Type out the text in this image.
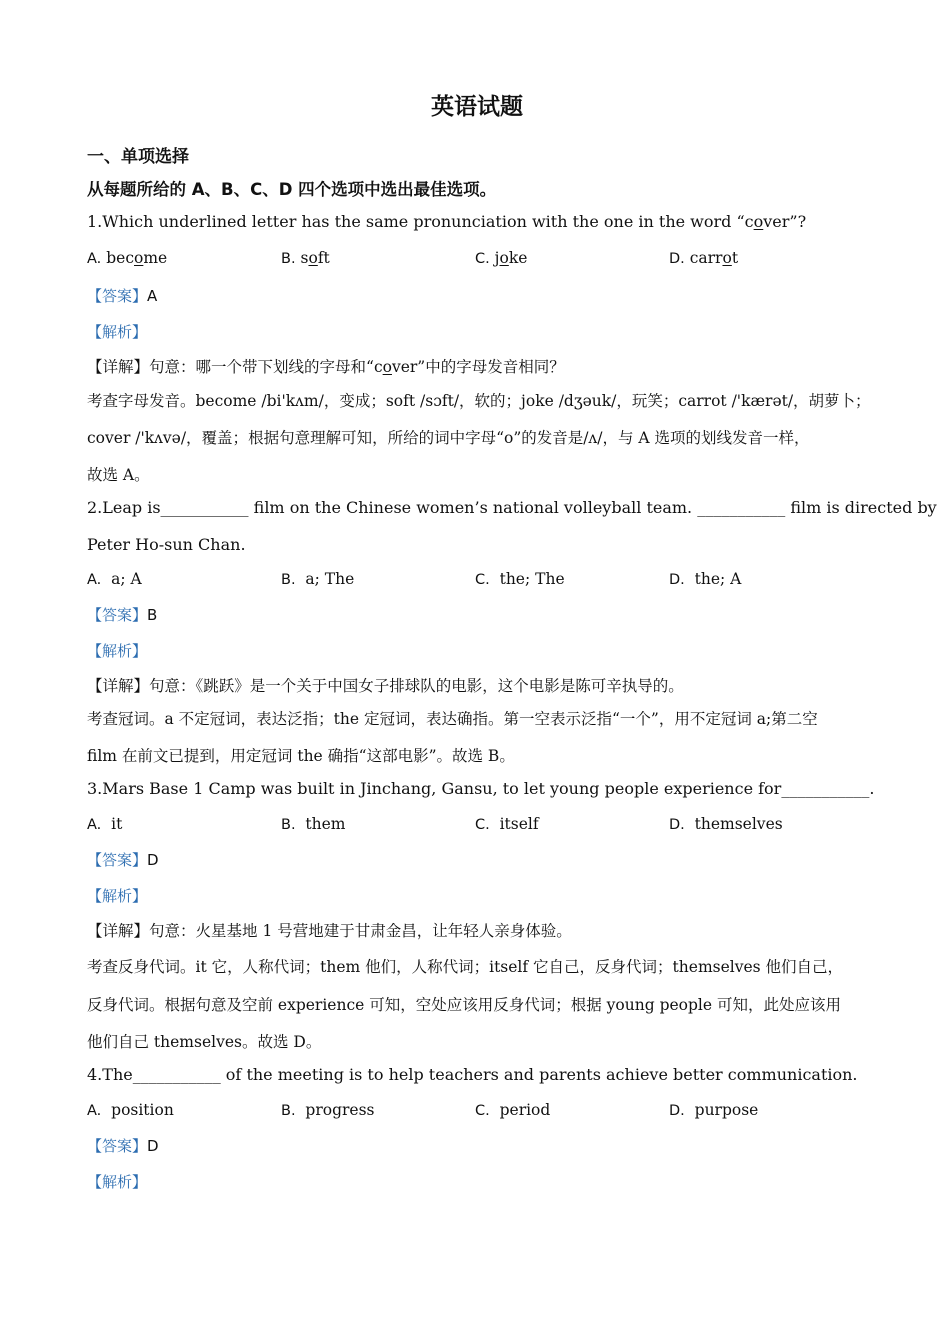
英语试题
一、单项选择
从每题所给的 A、B、C、D 四个选项中选出最佳选项。
1.Which underlined letter has the same pronunciation with the one in the word “cover”?
A. become	B. soft	C. joke	D. carrot
【答案】A
【解析】
【详解】句意：哪一个带下划线的字母和“cover”中的字母发音相同？
考查字母发音。become /bi'kʌm/，变成；soft /sɔft/，软的；joke /dʒəuk/，玩笑；carrot /'kærət/，胡萝卜；
cover /'kʌvə/，覆盖；根据句意理解可知，所给的词中字母“o”的发音是/ʌ/，与 A 选项的划线发音一样，
故选 A。
2.Leap is___________ film on the Chinese women’s national volleyball team. ___________ film is directed by
Peter Ho-sun Chan.
A. a; A	B. a; The	C. the; The	D. the; A
【答案】B
【解析】
【详解】句意：《跳跃》是一个关于中国女子排球队的电影，这个电影是陈可辛执导的。
考查冠词。a 不定冠词，表达泛指；the 定冠词，表达确指。第一空表示泛指“一个”，用不定冠词 a;第二空
film 在前文已提到，用定冠词 the 确指“这部电影”。故选 B。
3.Mars Base 1 Camp was built in Jinchang, Gansu, to let young people experience for___________.
A. it	B. them	C. itself	D. themselves
【答案】D
【解析】
【详解】句意：火星基地 1 号营地建于甘肃金昌，让年轻人亲身体验。
考查反身代词。it 它，人称代词；them 他们，人称代词；itself 它自己，反身代词；themselves 他们自己，
反身代词。根据句意及空前 experience 可知，空处应该用反身代词；根据 young people 可知，此处应该用
他们自己 themselves。故选 D。
4.The___________ of the meeting is to help teachers and parents achieve better communication.
A. position	B. progress	C. period	D. purpose
【答案】D
【解析】
